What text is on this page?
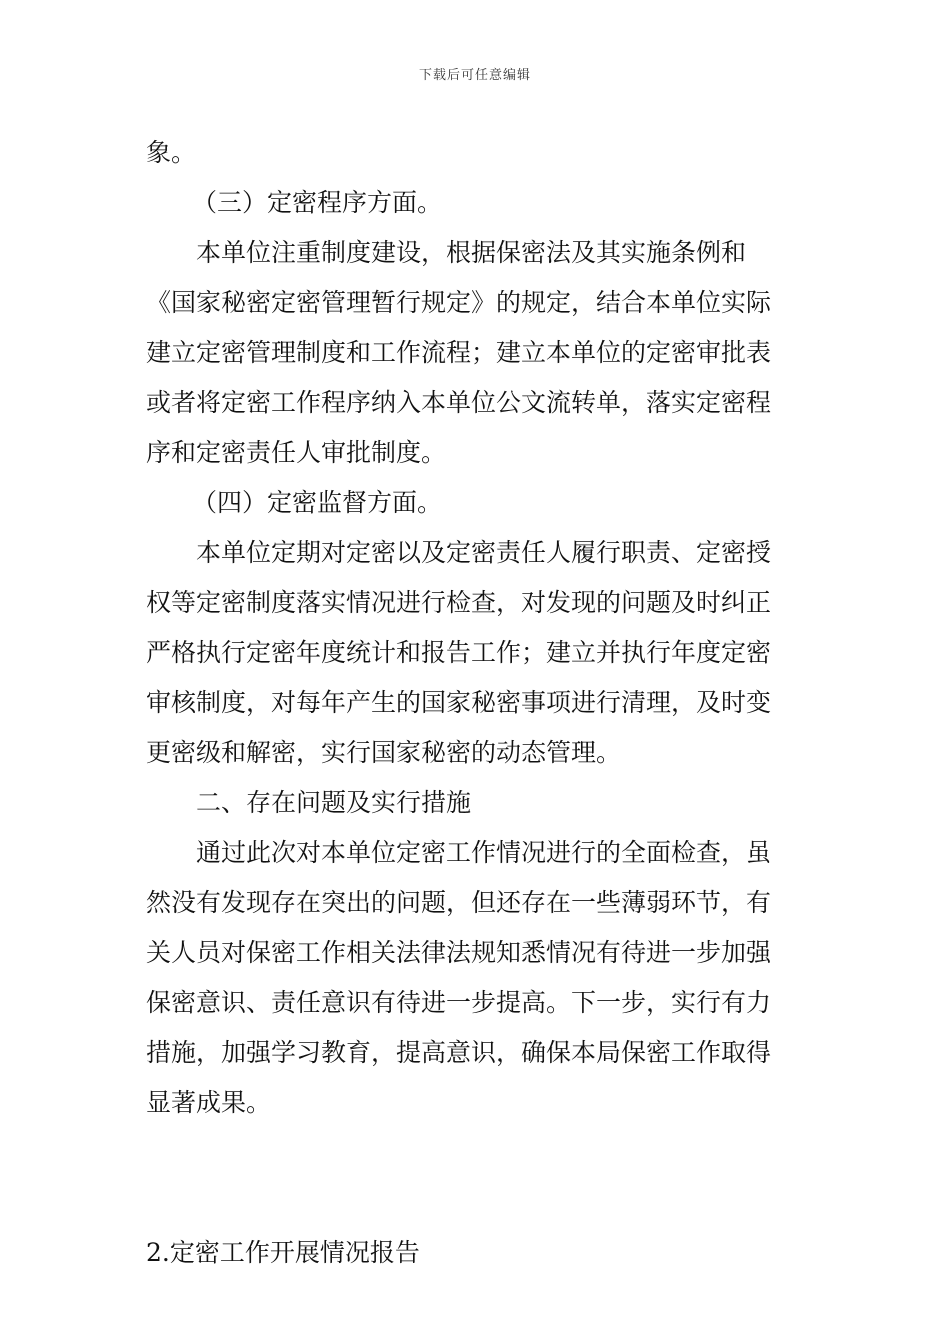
下载后可任意编辑
象。
（三）定密程序方面。
本单位注重制度建设，根据保密法及其实施条例和
《国家秘密定密管理暂行规定》的规定，结合本单位实际
建立定密管理制度和工作流程；建立本单位的定密审批表
或者将定密工作程序纳入本单位公文流转单，落实定密程
序和定密责任人审批制度。
（四）定密监督方面。
本单位定期对定密以及定密责任人履行职责、定密授
权等定密制度落实情况进行检查，对发现的问题及时纠正
严格执行定密年度统计和报告工作；建立并执行年度定密
审核制度，对每年产生的国家秘密事项进行清理，及时变
更密级和解密，实行国家秘密的动态管理。
二、存在问题及实行措施
通过此次对本单位定密工作情况进行的全面检查，虽
然没有发现存在突出的问题，但还存在一些薄弱环节，有
关人员对保密工作相关法律法规知悉情况有待进一步加强
保密意识、责任意识有待进一步提高。下一步，实行有力
措施，加强学习教育，提高意识，确保本局保密工作取得
显著成果。
2.定密工作开展情况报告
